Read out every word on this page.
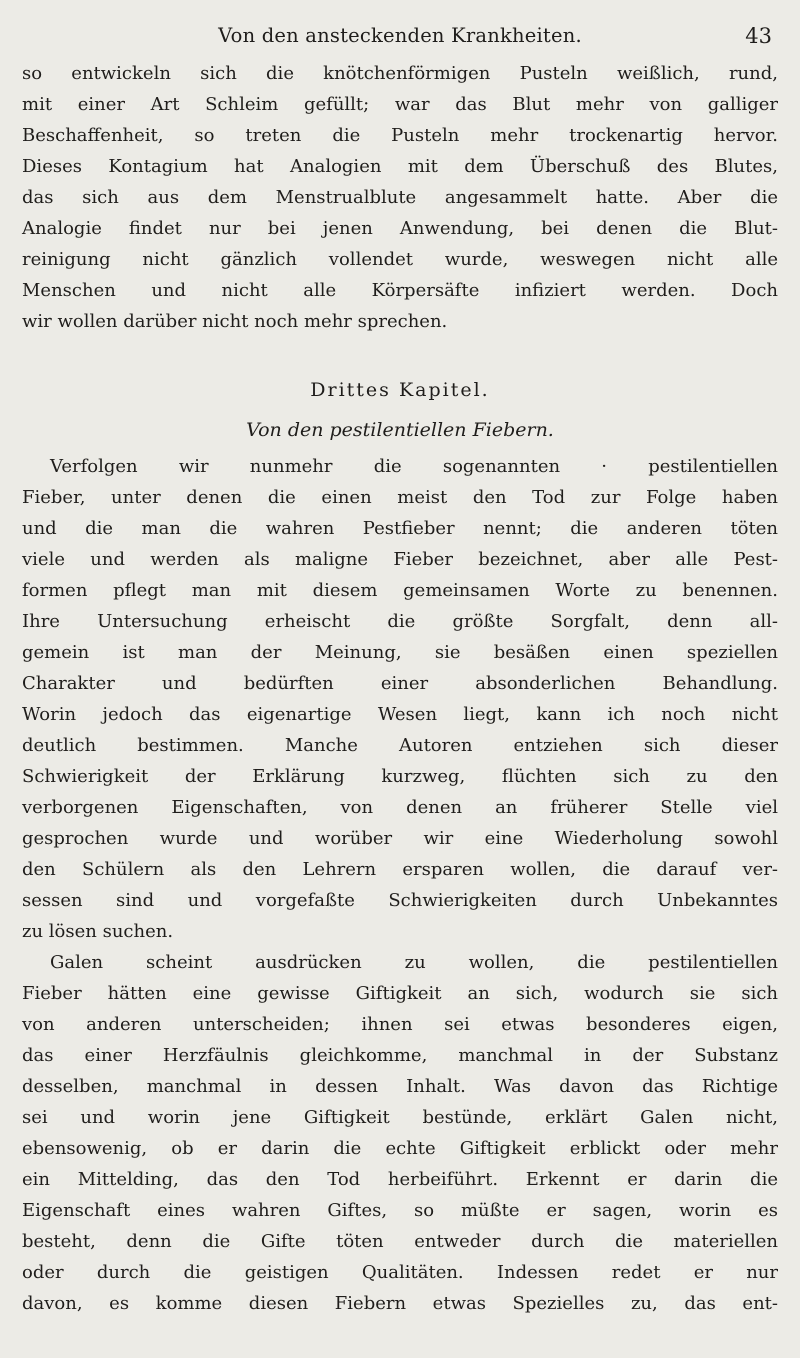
Von den ansteckenden Krankheiten.	43
so entwickeln sich die knötchenförmigen Pusteln weißlich, rund,
mit einer Art Schleim gefüllt; war das Blut mehr von galliger
Beschaffenheit, so treten die Pusteln mehr trockenartig hervor.
Dieses Kontagium hat Analogien mit dem Überschuß des Blutes,
das sich aus dem Menstrualblute angesammelt hatte. Aber die
Analogie findet nur bei jenen Anwendung, bei denen die Blut-
reinigung nicht gänzlich vollendet wurde, weswegen nicht alle
Menschen und nicht alle Körpersäfte infiziert werden. Doch
wir wollen darüber nicht noch mehr sprechen.
Drittes Kapitel.
Von den pestilentiellen Fiebern.
Verfolgen wir nunmehr die sogenannten · pestilentiellen
Fieber, unter denen die einen meist den Tod zur Folge haben
und die man die wahren Pestfieber nennt; die anderen töten
viele und werden als maligne Fieber bezeichnet, aber alle Pest-
formen pflegt man mit diesem gemeinsamen Worte zu benennen.
Ihre Untersuchung erheischt die größte Sorgfalt, denn all-
gemein ist man der Meinung, sie besäßen einen speziellen
Charakter und bedürften einer absonderlichen Behandlung.
Worin jedoch das eigenartige Wesen liegt, kann ich noch nicht
deutlich bestimmen. Manche Autoren entziehen sich dieser
Schwierigkeit der Erklärung kurzweg, flüchten sich zu den
verborgenen Eigenschaften, von denen an früherer Stelle viel
gesprochen wurde und worüber wir eine Wiederholung sowohl
den Schülern als den Lehrern ersparen wollen, die darauf ver-
sessen sind und vorgefaßte Schwierigkeiten durch Unbekanntes
zu lösen suchen.
Galen scheint ausdrücken zu wollen, die pestilentiellen
Fieber hätten eine gewisse Giftigkeit an sich, wodurch sie sich
von anderen unterscheiden; ihnen sei etwas besonderes eigen,
das einer Herzfäulnis gleichkomme, manchmal in der Substanz
desselben, manchmal in dessen Inhalt. Was davon das Richtige
sei und worin jene Giftigkeit bestünde, erklärt Galen nicht,
ebensowenig, ob er darin die echte Giftigkeit erblickt oder mehr
ein Mittelding, das den Tod herbeiführt. Erkennt er darin die
Eigenschaft eines wahren Giftes, so müßte er sagen, worin es
besteht, denn die Gifte töten entweder durch die materiellen
oder durch die geistigen Qualitäten. Indessen redet er nur
davon, es komme diesen Fiebern etwas Spezielles zu, das ent-
